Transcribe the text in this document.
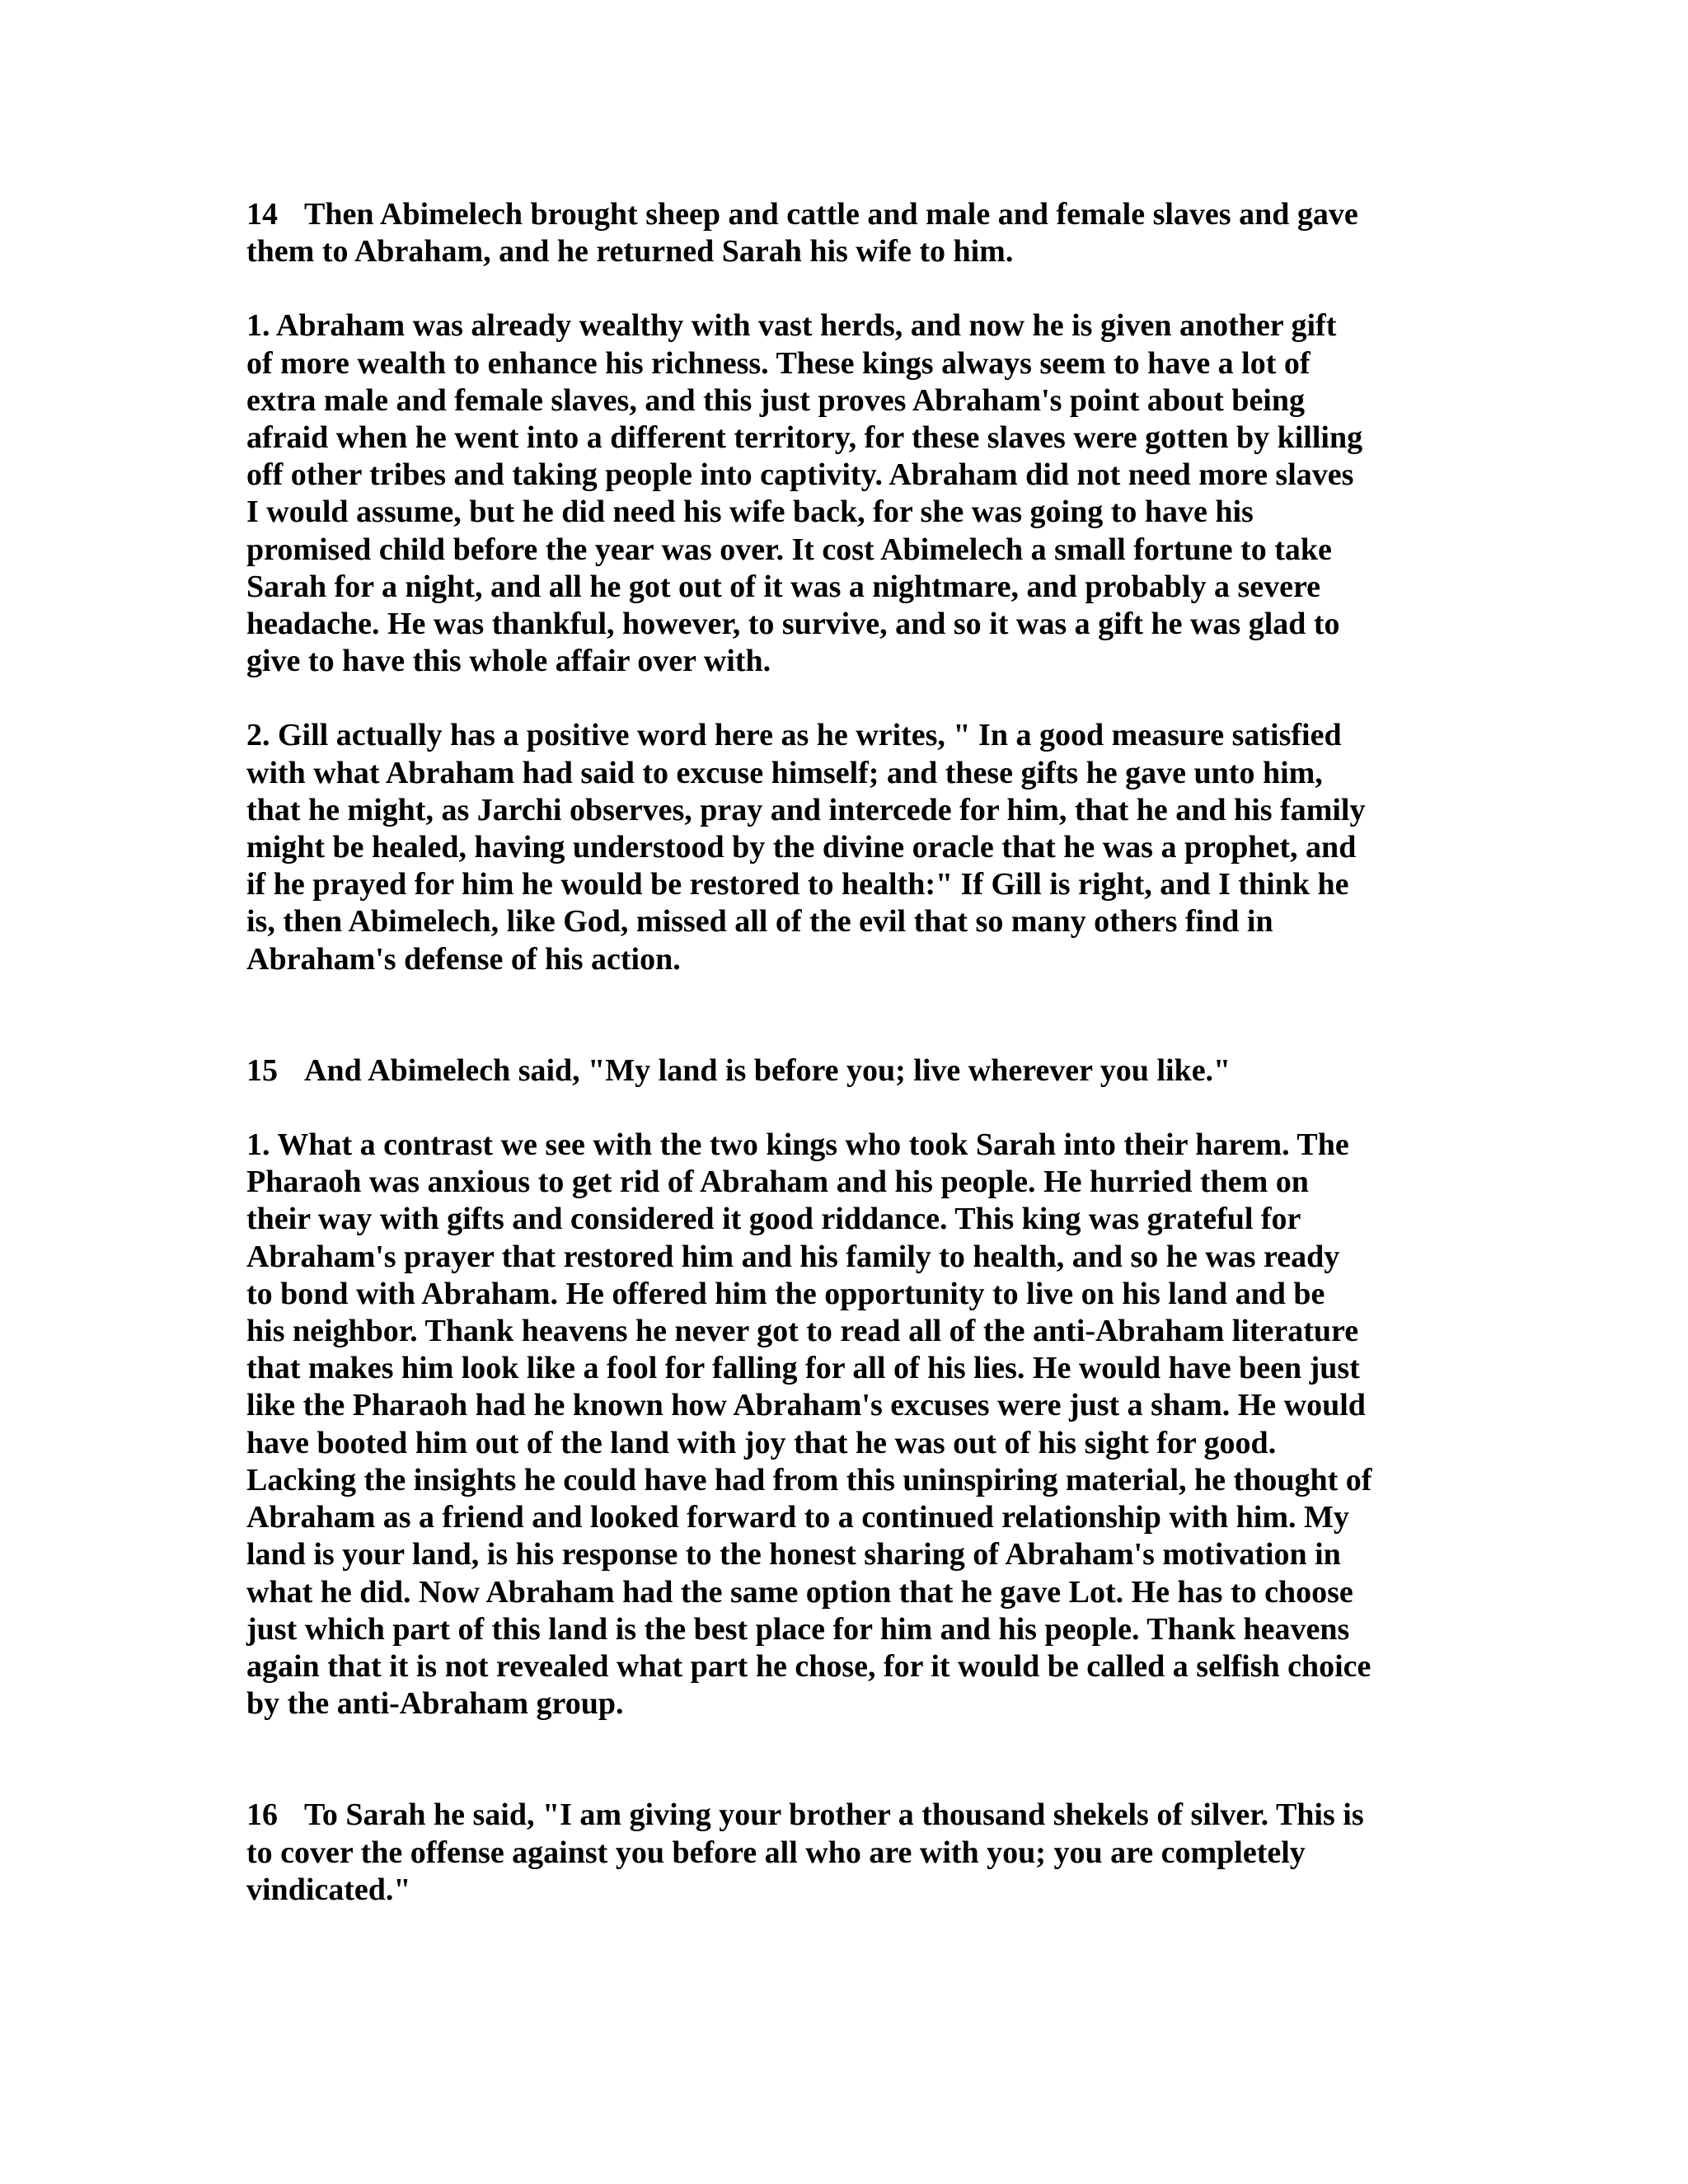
14 Then Abimelech brought sheep and cattle and male and female slaves and gave
them to Abraham, and he returned Sarah his wife to him.
1. Abraham was already wealthy with vast herds, and now he is given another gift
of more wealth to enhance his richness. These kings always seem to have a lot of
extra male and female slaves, and this just proves Abraham's point about being
afraid when he went into a different territory, for these slaves were gotten by killing
off other tribes and taking people into captivity. Abraham did not need more slaves
I would assume, but he did need his wife back, for she was going to have his
promised child before the year was over. It cost Abimelech a small fortune to take
Sarah for a night, and all he got out of it was a nightmare, and probably a severe
headache. He was thankful, however, to survive, and so it was a gift he was glad to
give to have this whole affair over with.
2. Gill actually has a positive word here as he writes, " In a good measure satisfied
with what Abraham had said to excuse himself; and these gifts he gave unto him,
that he might, as Jarchi observes, pray and intercede for him, that he and his family
might be healed, having understood by the divine oracle that he was a prophet, and
if he prayed for him he would be restored to health:" If Gill is right, and I think he
is, then Abimelech, like God, missed all of the evil that so many others find in
Abraham's defense of his action.
15 And Abimelech said, "My land is before you; live wherever you like."
1. What a contrast we see with the two kings who took Sarah into their harem. The
Pharaoh was anxious to get rid of Abraham and his people. He hurried them on
their way with gifts and considered it good riddance. This king was grateful for
Abraham's prayer that restored him and his family to health, and so he was ready
to bond with Abraham. He offered him the opportunity to live on his land and be
his neighbor. Thank heavens he never got to read all of the anti-Abraham literature
that makes him look like a fool for falling for all of his lies. He would have been just
like the Pharaoh had he known how Abraham's excuses were just a sham. He would
have booted him out of the land with joy that he was out of his sight for good.
Lacking the insights he could have had from this uninspiring material, he thought of
Abraham as a friend and looked forward to a continued relationship with him. My
land is your land, is his response to the honest sharing of Abraham's motivation in
what he did. Now Abraham had the same option that he gave Lot. He has to choose
just which part of this land is the best place for him and his people. Thank heavens
again that it is not revealed what part he chose, for it would be called a selfish choice
by the anti-Abraham group.
16 To Sarah he said, "I am giving your brother a thousand shekels of silver. This is
to cover the offense against you before all who are with you; you are completely
vindicated."
